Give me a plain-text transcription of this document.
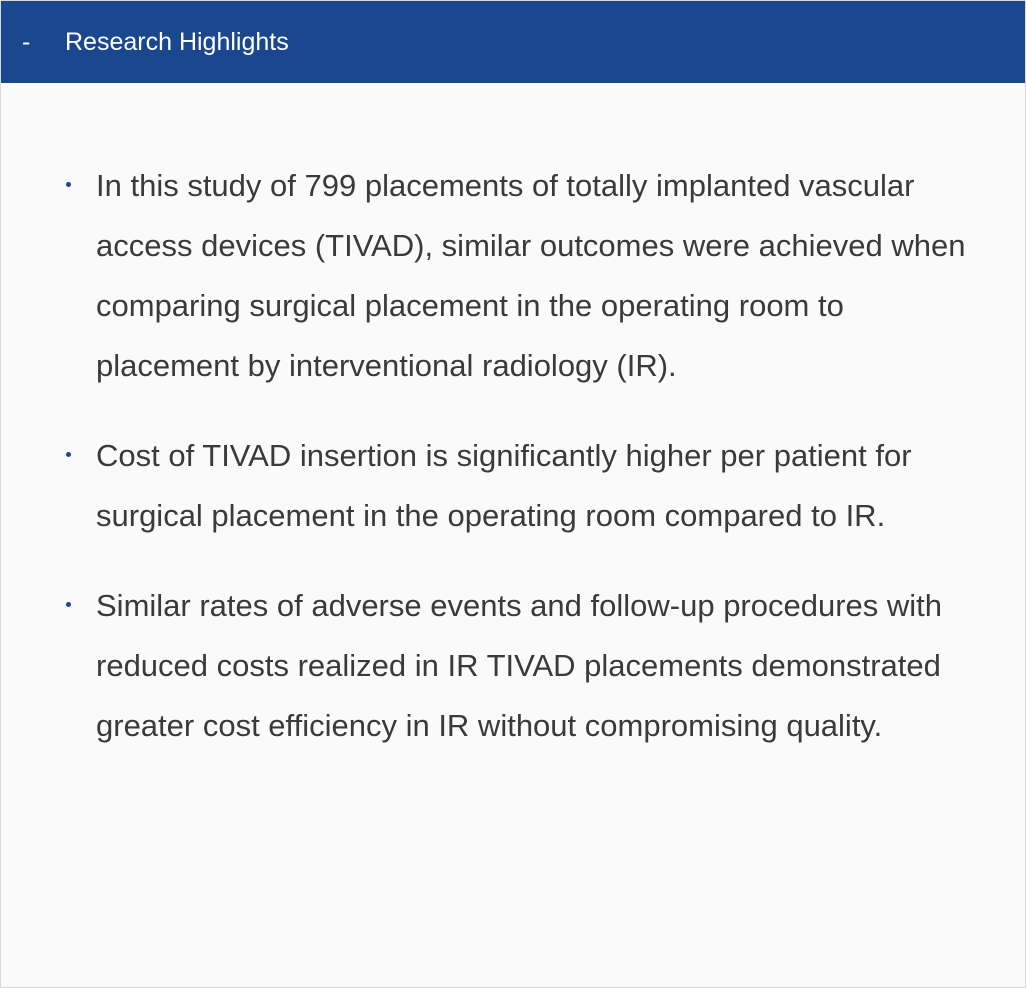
-	Research Highlights
In this study of 799 placements of totally implanted vascular access devices (TIVAD), similar outcomes were achieved when comparing surgical placement in the operating room to placement by interventional radiology (IR).
Cost of TIVAD insertion is significantly higher per patient for surgical placement in the operating room compared to IR.
Similar rates of adverse events and follow-up procedures with reduced costs realized in IR TIVAD placements demonstrated greater cost efficiency in IR without compromising quality.
